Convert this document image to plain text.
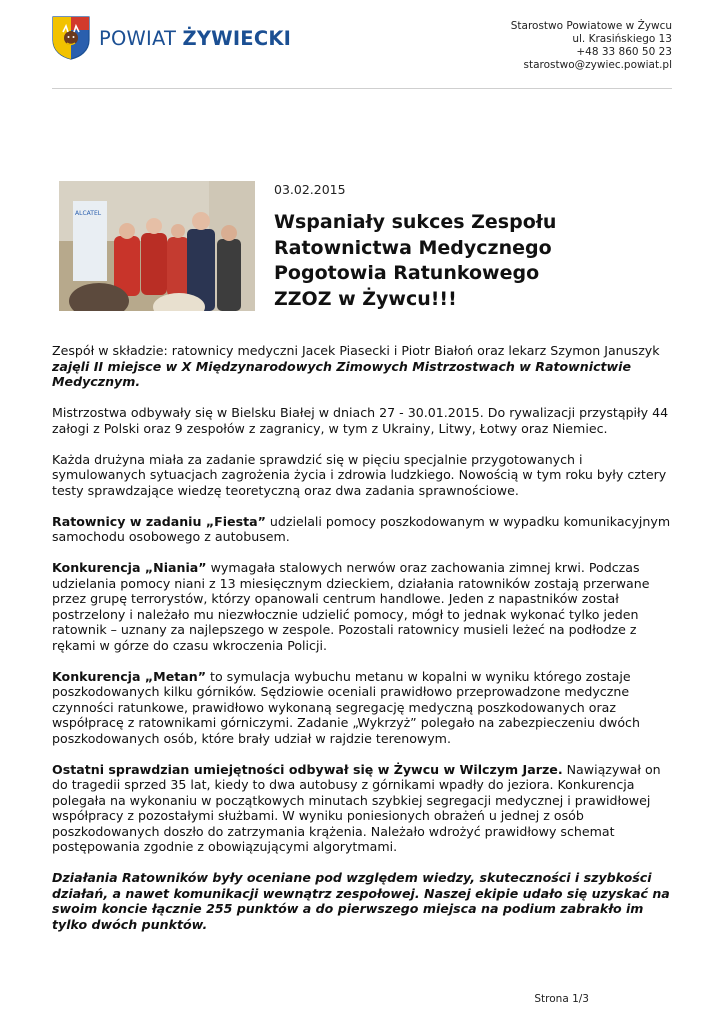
POWIAT ŻYWIECKI
Starostwo Powiatowe w Żywcu
ul. Krasińskiego 13
+48 33 860 50 23
starostwo@zywiec.powiat.pl
ALCATEL
03.02.2015
Wspaniały sukces Zespołu
Ratownictwa Medycznego
Pogotowia Ratunkowego
ZZOZ w Żywcu!!!

Zespół w składzie: ratownicy medyczni Jacek Piasecki i Piotr Białoń oraz lekarz Szymon Januszyk zajęli II miejsce w X Międzynarodowych Zimowych Mistrzostwach w Ratownictwie Medycznym.

Mistrzostwa odbywały się w Bielsku Białej w dniach 27 - 30.01.2015. Do rywalizacji przystąpiły 44 załogi z Polski oraz 9 zespołów z zagranicy, w tym z Ukrainy, Litwy, Łotwy oraz Niemiec.

Każda drużyna miała za zadanie sprawdzić się w pięciu specjalnie przygotowanych i symulowanych sytuacjach zagrożenia życia i zdrowia ludzkiego. Nowością w tym roku były cztery testy sprawdzające wiedzę teoretyczną oraz dwa zadania sprawnościowe.

Ratownicy w zadaniu „Fiesta” udzielali pomocy poszkodowanym w wypadku komunikacyjnym samochodu osobowego z autobusem.

Konkurencja „Niania” wymagała stalowych nerwów oraz zachowania zimnej krwi. Podczas udzielania pomocy niani z 13 miesięcznym dzieckiem, działania ratowników zostają przerwane przez grupę terrorystów, którzy opanowali centrum handlowe. Jeden z napastników został postrzelony i należało mu niezwłocznie udzielić pomocy, mógł to jednak wykonać tylko jeden ratownik – uznany za najlepszego w zespole. Pozostali ratownicy musieli leżeć na podłodze z rękami w górze do czasu wkroczenia Policji.

Konkurencja „Metan” to symulacja wybuchu metanu w kopalni w wyniku którego zostaje poszkodowanych kilku górników. Sędziowie oceniali prawidłowo przeprowadzone medyczne czynności ratunkowe, prawidłowo wykonaną segregację medyczną poszkodowanych oraz współpracę z ratownikami górniczymi. Zadanie „Wykrzyż” polegało na zabezpieczeniu dwóch poszkodowanych osób, które brały udział w rajdzie terenowym.

Ostatni sprawdzian umiejętności odbywał się w Żywcu w Wilczym Jarze. Nawiązywał on do tragedii sprzed 35 lat, kiedy to dwa autobusy z górnikami wpadły do jeziora. Konkurencja polegała na wykonaniu w początkowych minutach szybkiej segregacji medycznej i prawidłowej współpracy z pozostałymi służbami. W wyniku poniesionych obrażeń u jednej z osób poszkodowanych doszło do zatrzymania krążenia. Należało wdrożyć prawidłowy schemat postępowania zgodnie z obowiązującymi algorytmami.

Działania Ratowników były oceniane pod względem wiedzy, skuteczności i szybkości działań, a nawet komunikacji wewnątrz zespołowej. Naszej ekipie udało się uzyskać na swoim koncie łącznie 255 punktów a do pierwszego miejsca na podium zabrakło im tylko dwóch punktów.

Strona 1/3
